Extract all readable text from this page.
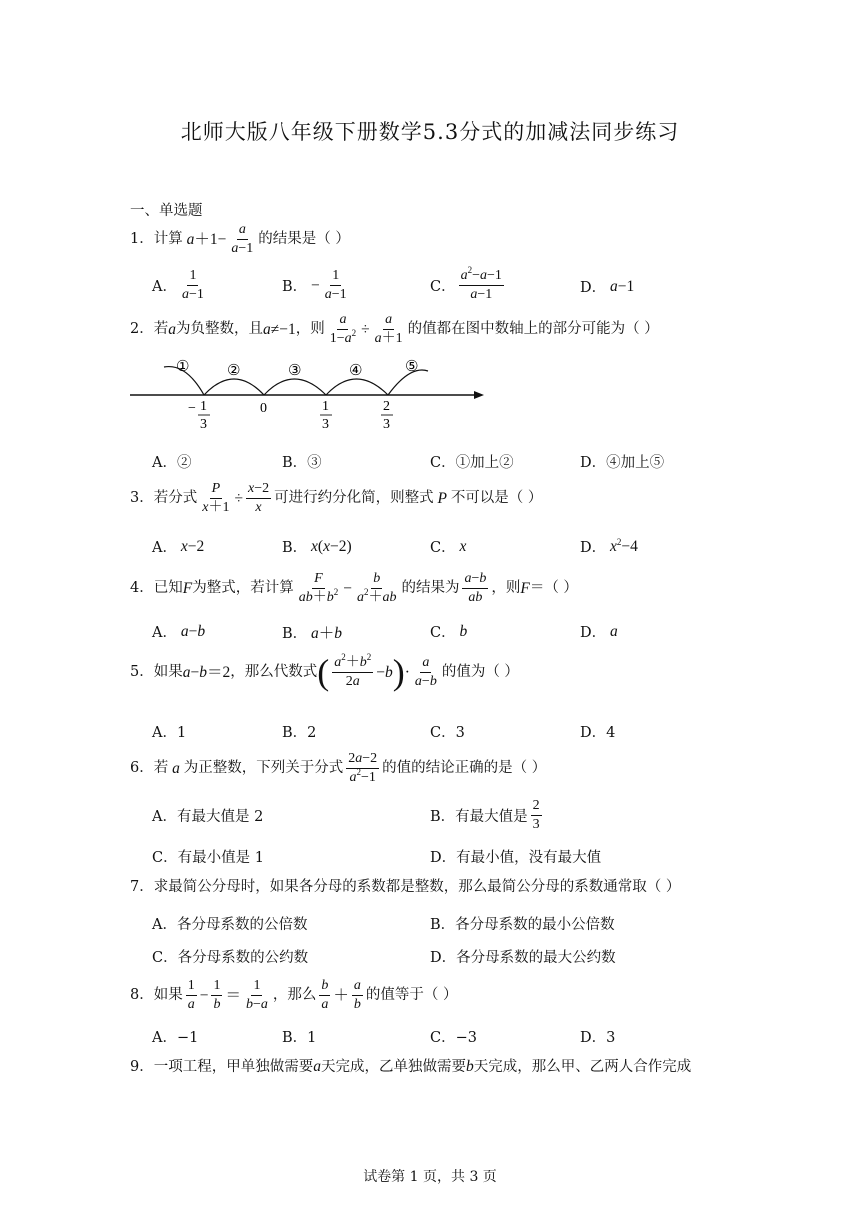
北师大版八年级下册数学5.3分式的加减法同步练习
一、单选题
1．计算 $a+1- \frac{a}{a-1}$ 的结果是（ ）
A． $\frac{1}{a-1}$	B． − $\frac{1}{a-1}$	C． $\frac{a^2-a-1}{a-1}$	D． a−1
2．若 a 为负整数，且 a≠−1 ，则 $\frac{a}{1-a^2} \div \frac{a}{a+1}$ 的值都在图中数轴上的部分可能为（ ）
①	②	③	④	⑤
− 1
3
0	1
3
2
3
A．②	B．③	C．①加上②	D．④加上⑤
3．若分式 $\frac{P}{x+1} \div \frac{x-2}{x}$ 可进行约分化简，则整式 P 不可以是（ ）
A． x−2	B． x(x−2)	C． x	D． $x^2-4$
4．已知 F 为整式，若计算 $\frac{F}{ab+b^2} - \frac{b}{a^2+ab}$ 的结果为 $\frac{a-b}{ab}$ ，则 F ＝（ ）
A． a−b	B． a＋b	C． b	D． a
5．如果 a−b＝2 ，那么代数式 ( $\frac{a^2+b^2}{2a} -b$ ) · $\frac{a}{a-b}$ 的值为（ ）
A．1	B．2	C．3	D．4
6．若 a 为正整数，下列关于分式 $\frac{2a-2}{a^2-1}$ 的值的结论正确的是（ ）
A．有最大值是 2	B．有最大值是 $\frac{2}{3}$
C．有最小值是 1	D．有最小值，没有最大值
7．求最简公分母时，如果各分母的系数都是整数，那么最简公分母的系数通常取（ ）
A．各分母系数的公倍数	B．各分母系数的最小公倍数
C．各分母系数的公约数	D．各分母系数的最大公约数
8．如果 $\frac{1}{a} - \frac{1}{b} = \frac{1}{b-a}$ ，那么 $\frac{b}{a} + \frac{a}{b}$ 的值等于（ ）
A．−1	B．1	C．−3	D．3
9．一项工程，甲单独做需要 a 天完成，乙单独做需要 b 天完成，那么甲、乙两人合作完成
试卷第 1 页，共 3 页
